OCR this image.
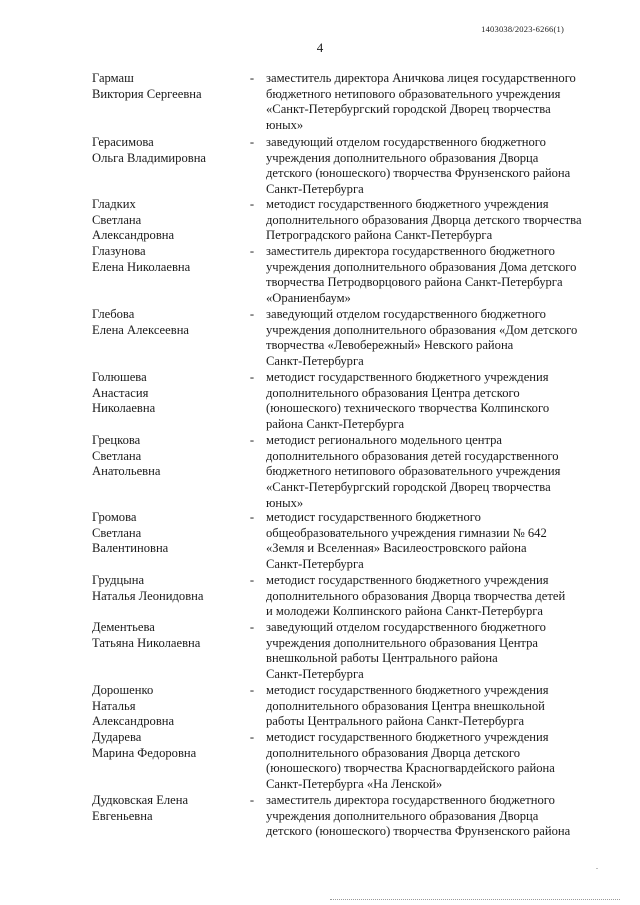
1403038/2023-6266(1)
4
Гармаш
Виктория Сергеевна
- заместитель директора Аничкова лицея государственного
бюджетного нетипового образовательного учреждения
«Санкт-Петербургский городской Дворец творчества
юных»
Герасимова
Ольга Владимировна
- заведующий отделом государственного бюджетного
учреждения дополнительного образования Дворца
детского (юношеского) творчества Фрунзенского района
Санкт-Петербурга
Гладких
Светлана
Александровна
- методист государственного бюджетного учреждения
дополнительного образования Дворца детского творчества
Петроградского района Санкт-Петербурга
Глазунова
Елена Николаевна
- заместитель директора государственного бюджетного
учреждения дополнительного образования Дома детского
творчества Петродворцового района Санкт-Петербурга
«Ораниенбаум»
Глебова
Елена Алексеевна
- заведующий отделом государственного бюджетного
учреждения дополнительного образования «Дом детского
творчества «Левобережный» Невского района
Санкт-Петербурга
Голюшева
Анастасия
Николаевна
- методист государственного бюджетного учреждения
дополнительного образования Центра детского
(юношеского) технического творчества Колпинского
района Санкт-Петербурга
Грецкова
Светлана
Анатольевна
- методист регионального модельного центра
дополнительного образования детей государственного
бюджетного нетипового образовательного учреждения
«Санкт-Петербургский городской Дворец творчества
юных»
Громова
Светлана
Валентиновна
- методист государственного бюджетного
общеобразовательного учреждения гимназии № 642
«Земля и Вселенная» Василеостровского района
Санкт-Петербурга
Грудцына
Наталья Леонидовна
- методист государственного бюджетного учреждения
дополнительного образования Дворца творчества детей
и молодежи Колпинского района Санкт-Петербурга
Дементьева
Татьяна Николаевна
- заведующий отделом государственного бюджетного
учреждения дополнительного образования Центра
внешкольной работы Центрального района
Санкт-Петербурга
Дорошенко
Наталья
Александровна
- методист государственного бюджетного учреждения
дополнительного образования Центра внешкольной
работы Центрального района Санкт-Петербурга
Дударева
Марина Федоровна
- методист государственного бюджетного учреждения
дополнительного образования Дворца детского
(юношеского) творчества Красногвардейского района
Санкт-Петербурга «На Ленской»
Дудковская Елена
Евгеньевна
- заместитель директора государственного бюджетного
учреждения дополнительного образования Дворца
детского (юношеского) творчества Фрунзенского района
.
